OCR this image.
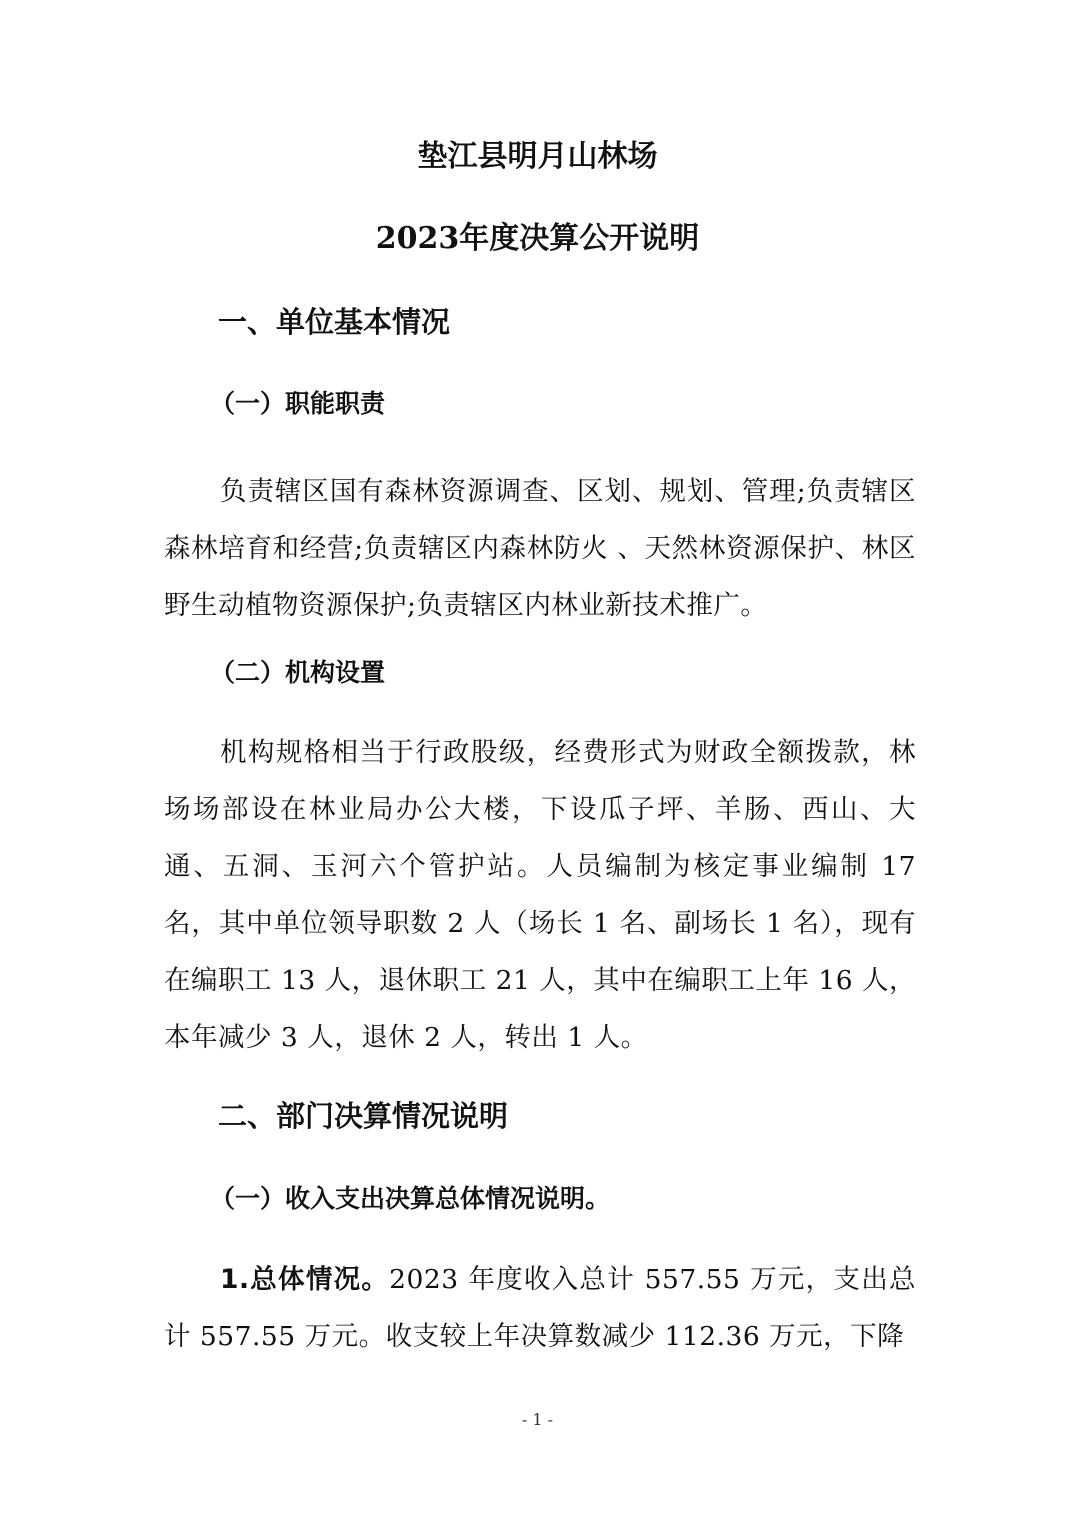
垫江县明月山林场
2023年度决算公开说明
一、单位基本情况
（一）职能职责

负责辖区国有森林资源调查、区划、规划、管理;负责辖区森林培育和经营;负责辖区内森林防火 、天然林资源保护、林区野生动植物资源保护;负责辖区内林业新技术推广。

（二）机构设置

机构规格相当于行政股级，经费形式为财政全额拨款，林场场部设在林业局办公大楼，下设瓜子坪、羊肠、西山、大通、五洞、玉河六个管护站。人员编制为核定事业编制 17 名，其中单位领导职数 2 人（场长 1 名、副场长 1 名），现有在编职工 13 人，退休职工 21 人，其中在编职工上年 16 人，本年减少 3 人，退休 2 人，转出 1 人。

二、部门决算情况说明
（一）收入支出决算总体情况说明。

1.总体情况。2023 年度收入总计 557.55 万元，支出总计 557.55 万元。收支较上年决算数减少 112.36 万元，下降

- 1 -
